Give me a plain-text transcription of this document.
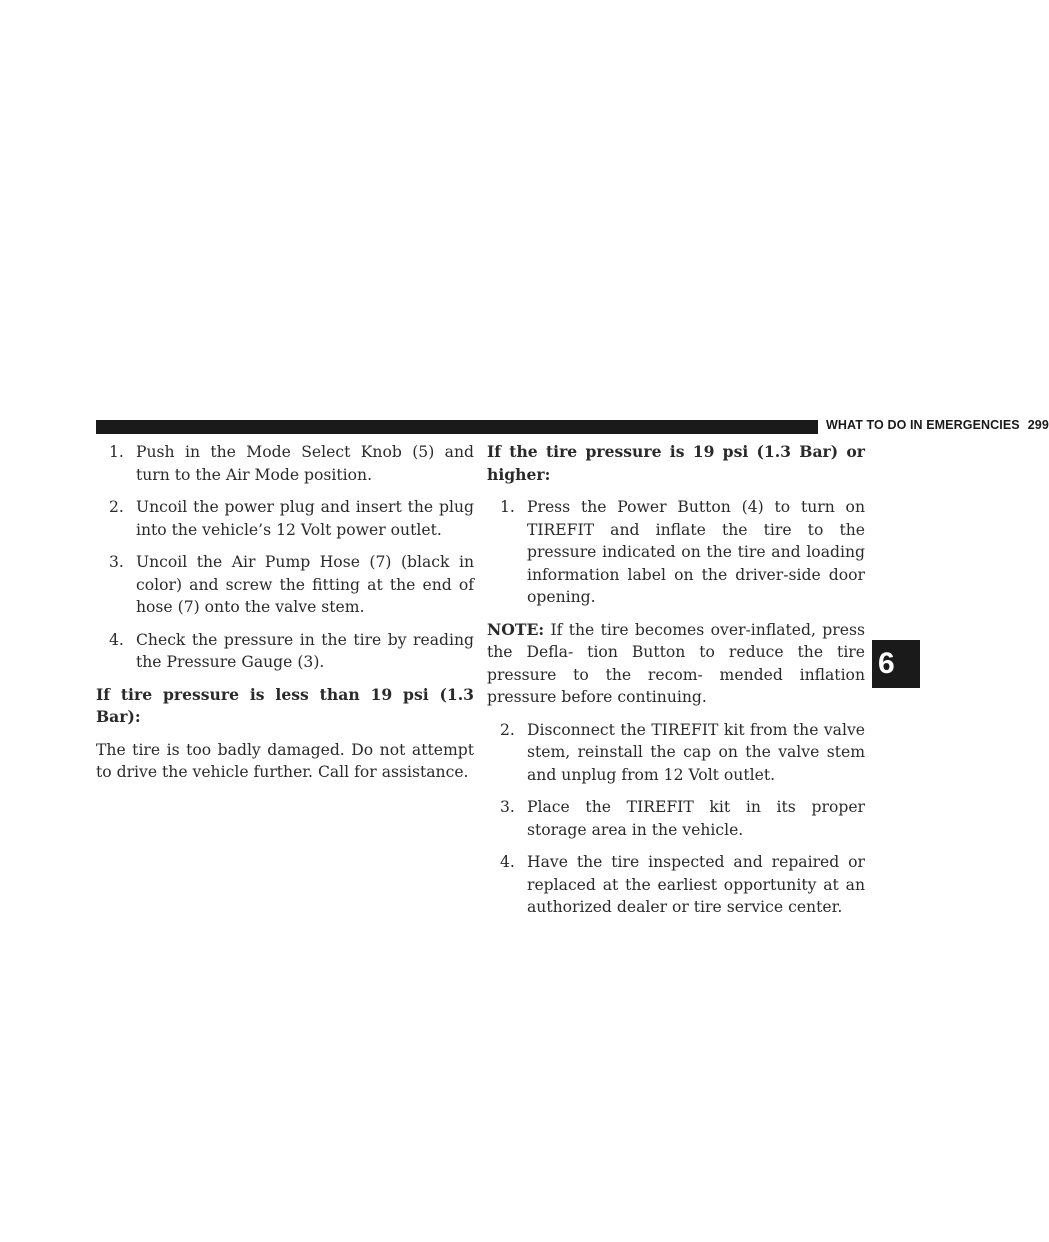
WHAT TO DO IN EMERGENCIES 299
6

1. Push in the Mode Select Knob (5) and turn to the Air Mode position.

2. Uncoil the power plug and insert the plug into the vehicle’s 12 Volt power outlet.

3. Uncoil the Air Pump Hose (7) (black in color) and screw the fitting at the end of hose (7) onto the valve stem.

4. Check the pressure in the tire by reading the Pressure Gauge (3).

If tire pressure is less than 19 psi (1.3 Bar):

The tire is too badly damaged. Do not attempt to drive the vehicle further. Call for assistance.

If the tire pressure is 19 psi (1.3 Bar) or higher:

1. Press the Power Button (4) to turn on TIREFIT and inflate the tire to the pressure indicated on the tire and loading information label on the driver-side door opening.

NOTE: If the tire becomes over-inflated, press the Defla- tion Button to reduce the tire pressure to the recom- mended inflation pressure before continuing.

2. Disconnect the TIREFIT kit from the valve stem, reinstall the cap on the valve stem and unplug from 12 Volt outlet.

3. Place the TIREFIT kit in its proper storage area in the vehicle.

4. Have the tire inspected and repaired or replaced at the earliest opportunity at an authorized dealer or tire service center.
